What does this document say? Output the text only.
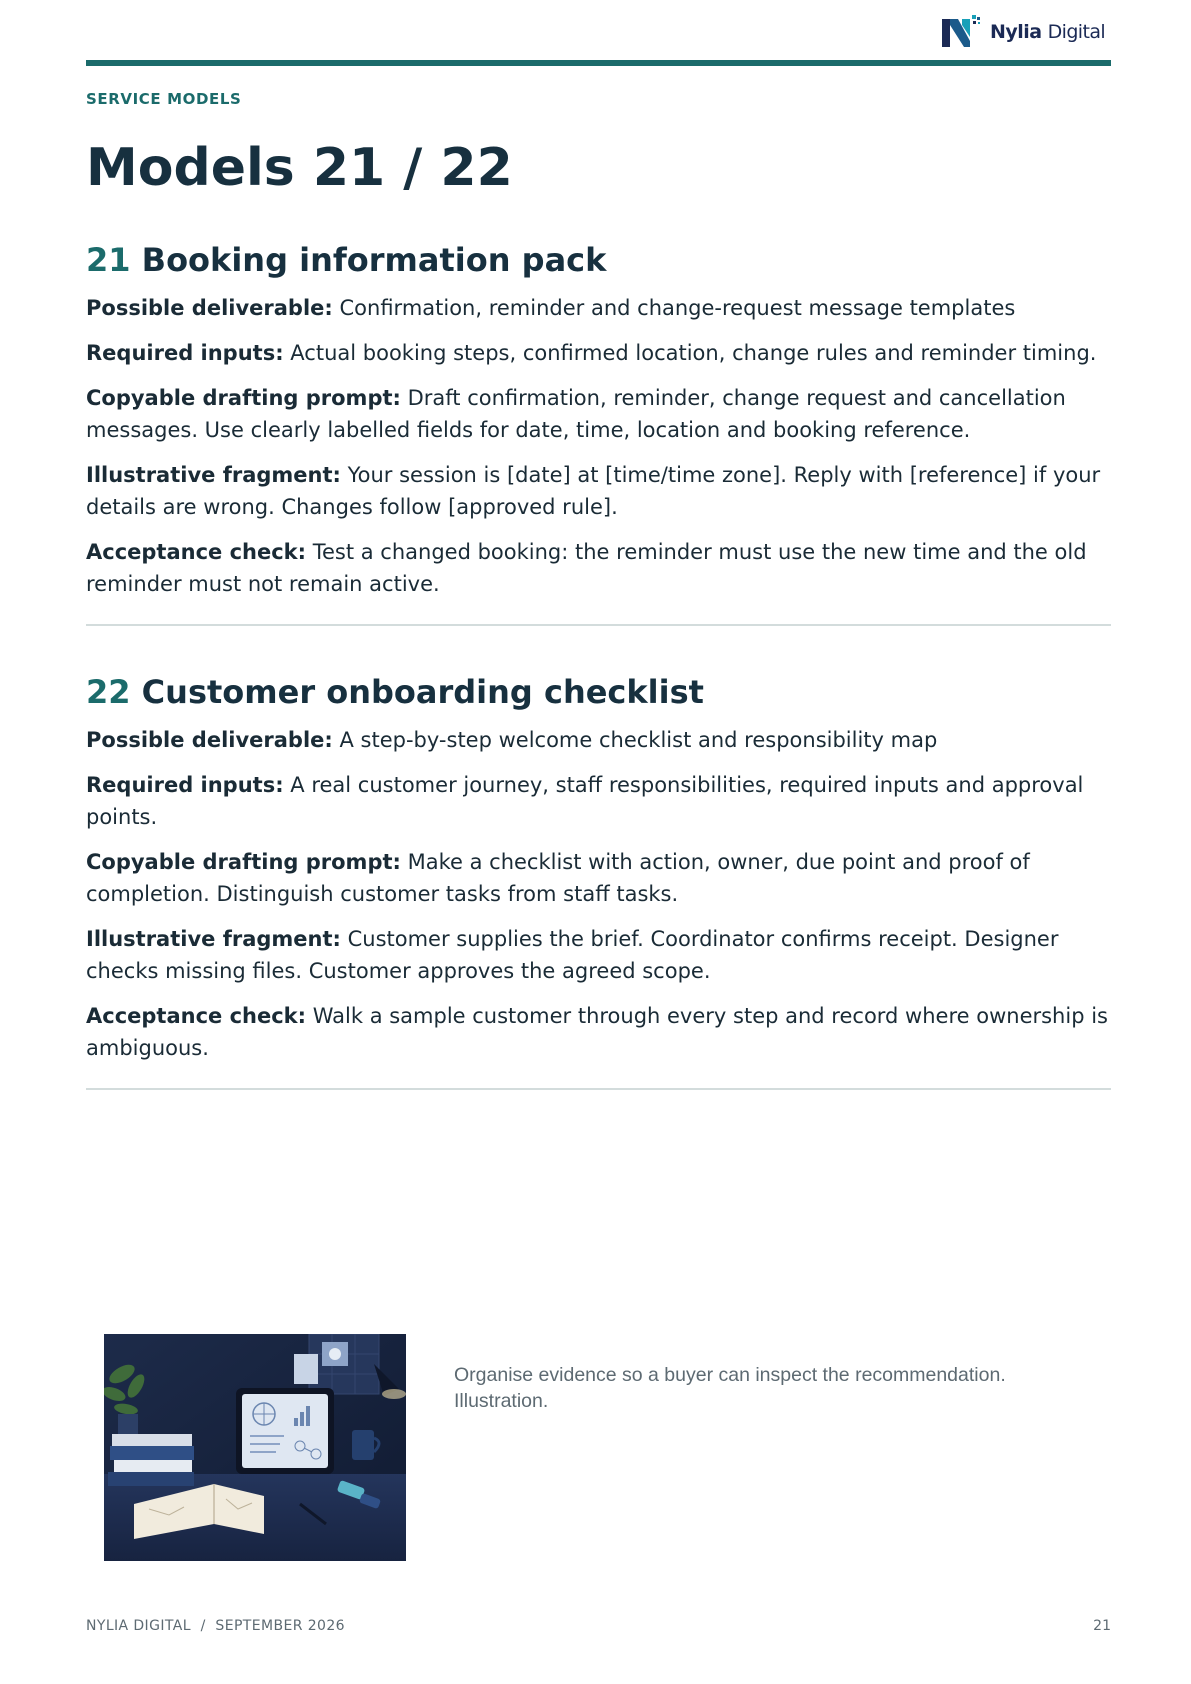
Nylia Digital
SERVICE MODELS
Models 21 / 22
21 Booking information pack

Possible deliverable: Confirmation, reminder and change-request message templates

Required inputs: Actual booking steps, confirmed location, change rules and reminder timing.

Copyable drafting prompt: Draft confirmation, reminder, change request and cancellation messages. Use clearly labelled fields for date, time, location and booking reference.

Illustrative fragment: Your session is [date] at [time/time zone]. Reply with [reference] if your details are wrong. Changes follow [approved rule].

Acceptance check: Test a changed booking: the reminder must use the new time and the old reminder must not remain active.

22 Customer onboarding checklist

Possible deliverable: A step-by-step welcome checklist and responsibility map

Required inputs: A real customer journey, staff responsibilities, required inputs and approval points.

Copyable drafting prompt: Make a checklist with action, owner, due point and proof of completion. Distinguish customer tasks from staff tasks.

Illustrative fragment: Customer supplies the brief. Coordinator confirms receipt. Designer checks missing files. Customer approves the agreed scope.

Acceptance check: Walk a sample customer through every step and record where ownership is ambiguous.

Organise evidence so a buyer can inspect the recommendation.
Illustration.

NYLIA DIGITAL  /  SEPTEMBER 2026	21
